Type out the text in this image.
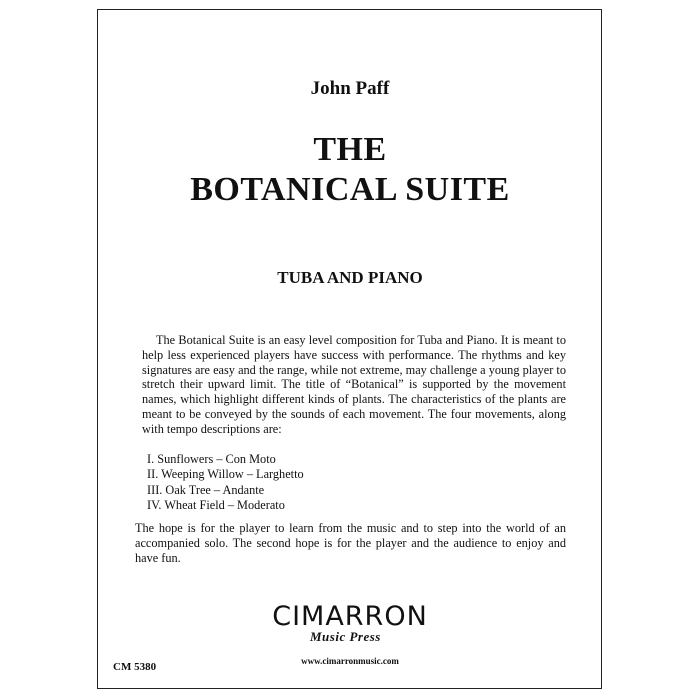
John Paff
THE
BOTANICAL SUITE
TUBA AND PIANO

The Botanical Suite is an easy level composition for Tuba and Piano. It is meant to help less experienced players have success with performance. The rhythms and key signatures are easy and the range, while not extreme, may challenge a young player to stretch their upward limit. The title of “Botanical” is supported by the movement names, which highlight different kinds of plants. The characteristics of the plants are meant to be conveyed by the sounds of each movement. The four movements, along with tempo descriptions are:

I. Sunflowers – Con Moto
II. Weeping Willow – Larghetto
III. Oak Tree – Andante
IV. Wheat Field – Moderato

The hope is for the player to learn from the music and to step into the world of an accompanied solo. The second hope is for the player and the audience to enjoy and have fun.

CIMARRON
Music Press
www.cimarronmusic.com
CM 5380
